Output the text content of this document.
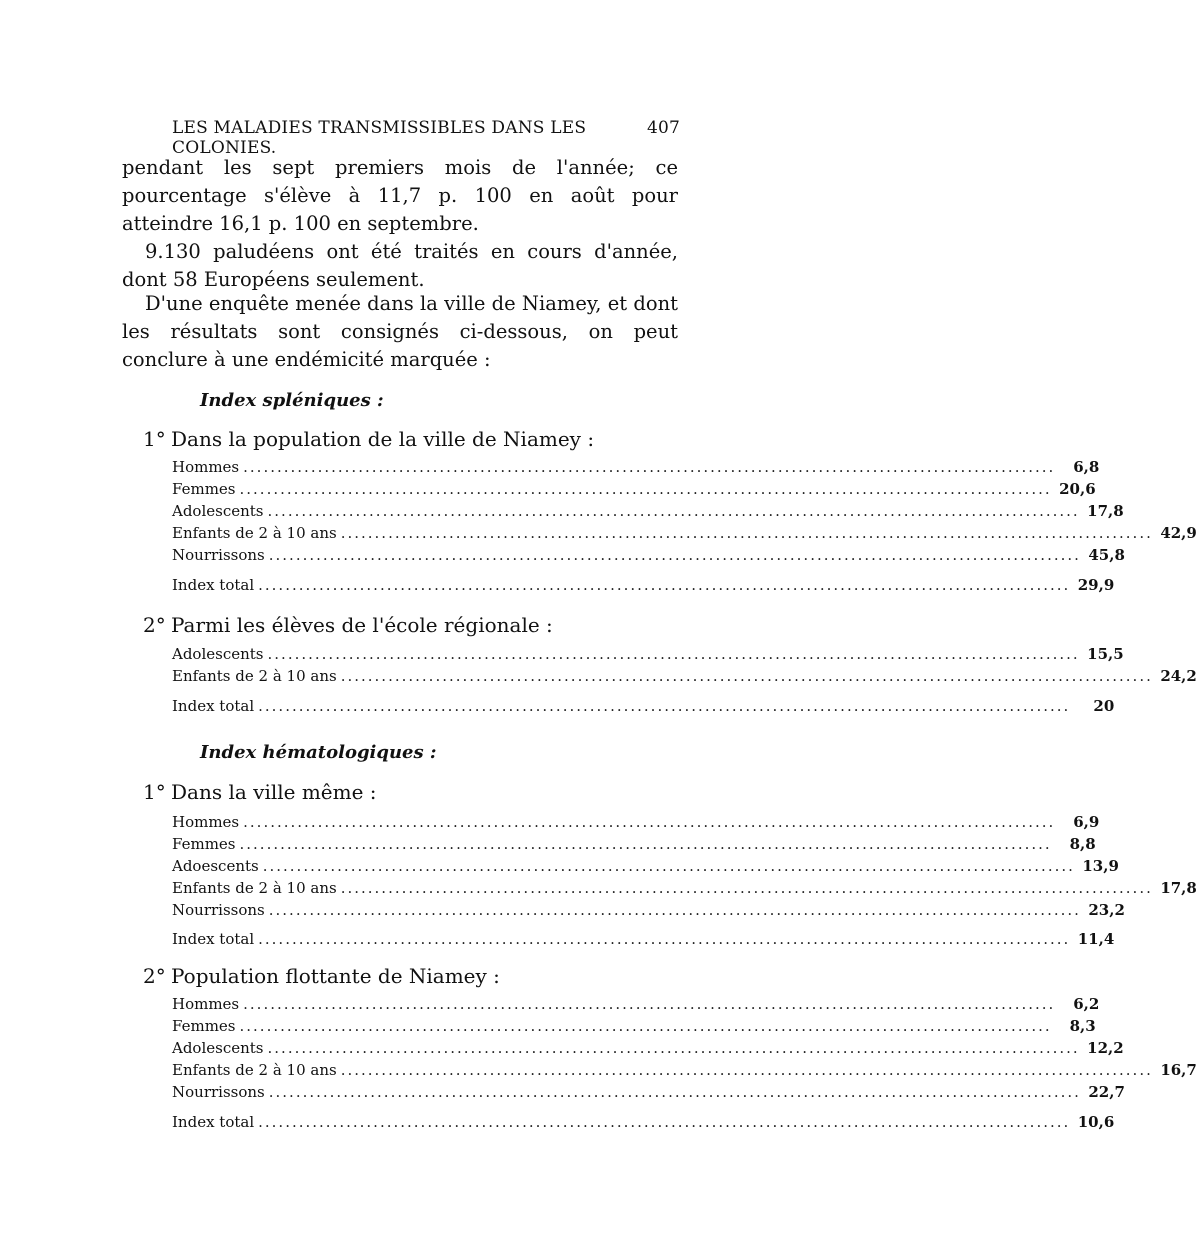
LES MALADIES TRANSMISSIBLES DANS LES COLONIES.
407
pendant les sept premiers mois de l'année; ce pourcentage s'élève à 11,7 p. 100 en août pour atteindre 16,1 p. 100 en septembre.
9.130 paludéens ont été traités en cours d'année, dont 58 Européens seulement.
D'une enquête menée dans la ville de Niamey, et dont les résultats sont consignés ci-dessous, on peut conclure à une endémicité marquée :
Index spléniques :
1° Dans la population de la ville de Niamey :
Hommes ........................................................................................................................	6,8
Femmes ........................................................................................................................ 20,6
Adolescents ........................................................................................................................ 17,8
Enfants de 2 à 10 ans ........................................................................................................................ 42,9
Nourrissons ........................................................................................................................ 45,8
Index total ........................................................................................................................ 29,9
2° Parmi les élèves de l'école régionale :
Adolescents ........................................................................................................................ 15,5
Enfants de 2 à 10 ans ........................................................................................................................ 24,2
Index total ........................................................................................................................	20
Index hématologiques :
1° Dans la ville même :
Hommes ........................................................................................................................	6,9
Femmes ........................................................................................................................	8,8
Adoescents ........................................................................................................................ 13,9
Enfants de 2 à 10 ans ........................................................................................................................ 17,8
Nourrissons ........................................................................................................................ 23,2
Index total ........................................................................................................................ 11,4
2° Population flottante de Niamey :
Hommes ........................................................................................................................	6,2
Femmes ........................................................................................................................	8,3
Adolescents ........................................................................................................................ 12,2
Enfants de 2 à 10 ans ........................................................................................................................ 16,7
Nourrissons ........................................................................................................................ 22,7
Index total ........................................................................................................................ 10,6
